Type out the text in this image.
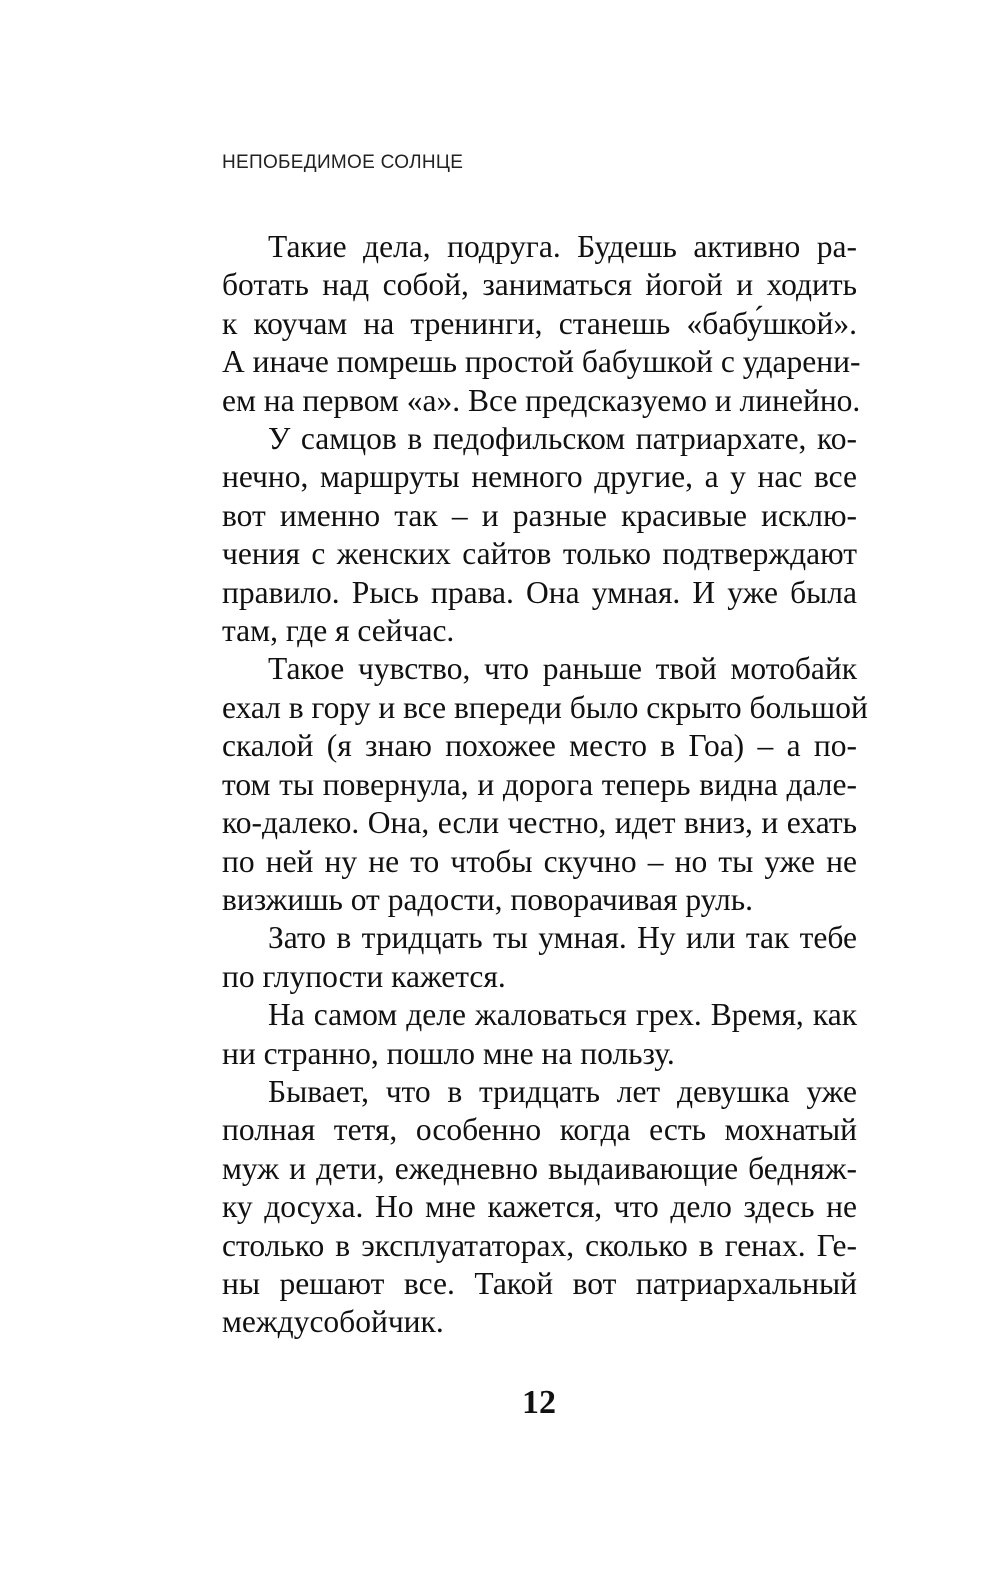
НЕПОБЕДИМОЕ СОЛНЦЕ

Такие дела, подруга. Будешь активно ра-
ботать над собой, заниматься йогой и ходить
к коучам на тренинги, станешь «бабу́шкой».
А иначе помрешь простой бабушкой с ударени-
ем на первом «а». Все предсказуемо и линейно.

У самцов в педофильском патриархате, ко-
нечно, маршруты немного другие, а у нас все
вот именно так – и разные красивые исклю-
чения с женских сайтов только подтверждают
правило. Рысь права. Она умная. И уже была
там, где я сейчас.

Такое чувство, что раньше твой мотобайк
ехал в гору и все впереди было скрыто большой
скалой (я знаю похожее место в Гоа) – а по-
том ты повернула, и дорога теперь видна дале-
ко-далеко. Она, если честно, идет вниз, и ехать
по ней ну не то чтобы скучно – но ты уже не
визжишь от радости, поворачивая руль.

Зато в тридцать ты умная. Ну или так тебе
по глупости кажется.

На самом деле жаловаться грех. Время, как
ни странно, пошло мне на пользу.

Бывает, что в тридцать лет девушка уже
полная тетя, особенно когда есть мохнатый
муж и дети, ежедневно выдаивающие бедняж-
ку досуха. Но мне кажется, что дело здесь не
столько в эксплуататорах, сколько в генах. Ге-
ны решают все. Такой вот патриархальный
междусобойчик.

12
